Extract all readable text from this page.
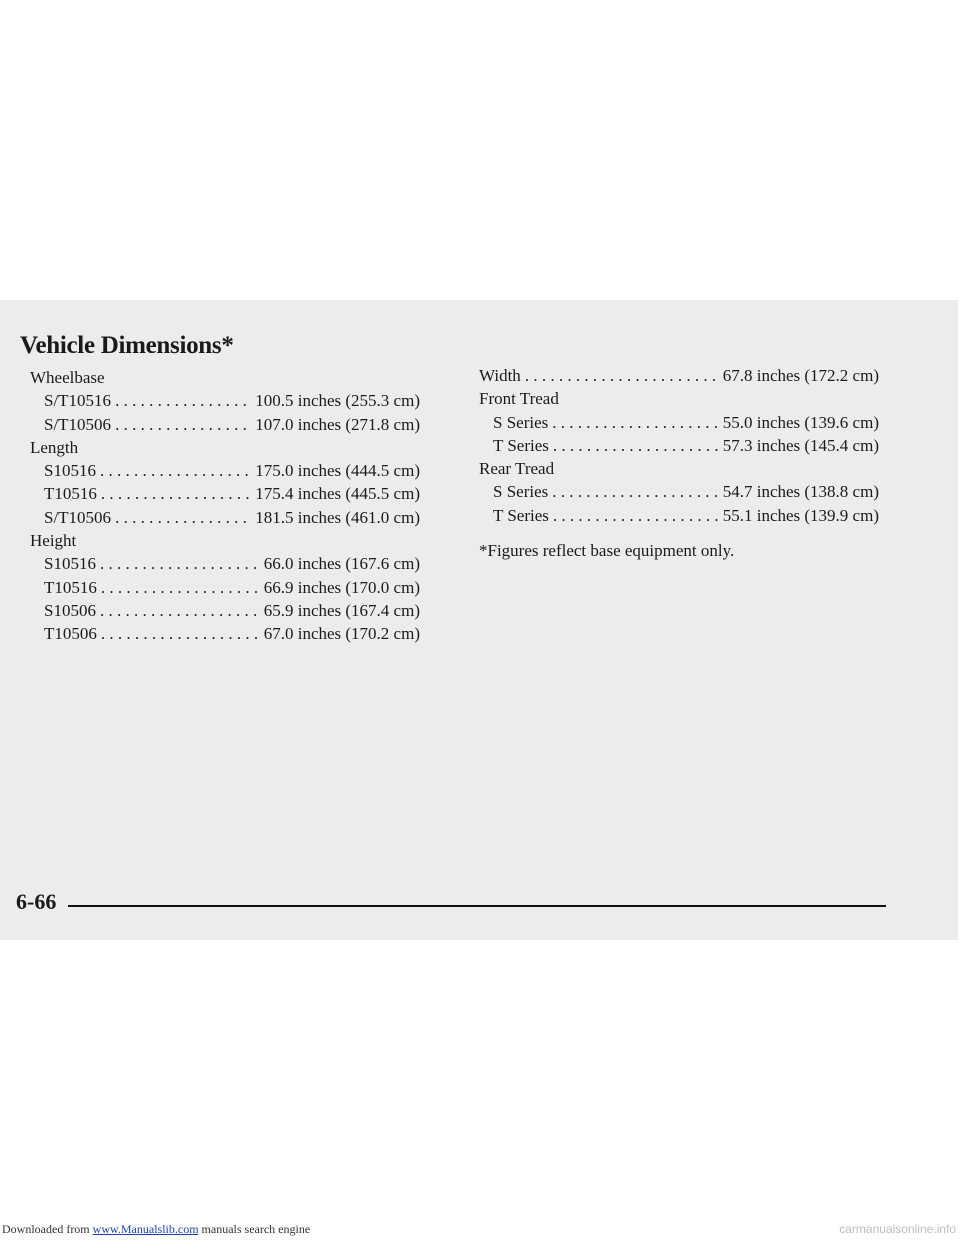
Vehicle Dimensions*
Wheelbase
S/T10516 . . .	100.5 inches (255.3 cm)
S/T10506 . . .	107.0 inches (271.8 cm)
Length
S10516 . . .	175.0 inches (444.5 cm)
T10516 . . .	175.4 inches (445.5 cm)
S/T10506 . . .	181.5 inches (461.0 cm)
Height
S10516 . . .	66.0 inches (167.6 cm)
T10516 . . .	66.9 inches (170.0 cm)
S10506 . . .	65.9 inches (167.4 cm)
T10506 . . .	67.0 inches (170.2 cm)
Width . . .	67.8 inches (172.2 cm)
Front Tread
S Series . . .	55.0 inches (139.6 cm)
T Series . . .	57.3 inches (145.4 cm)
Rear Tread
S Series . . .	54.7 inches (138.8 cm)
T Series . . .	55.1 inches (139.9 cm)
*Figures reflect base equipment only.
6-66
Downloaded from www.Manualslib.com manuals search engine	carmanualsonline.info
